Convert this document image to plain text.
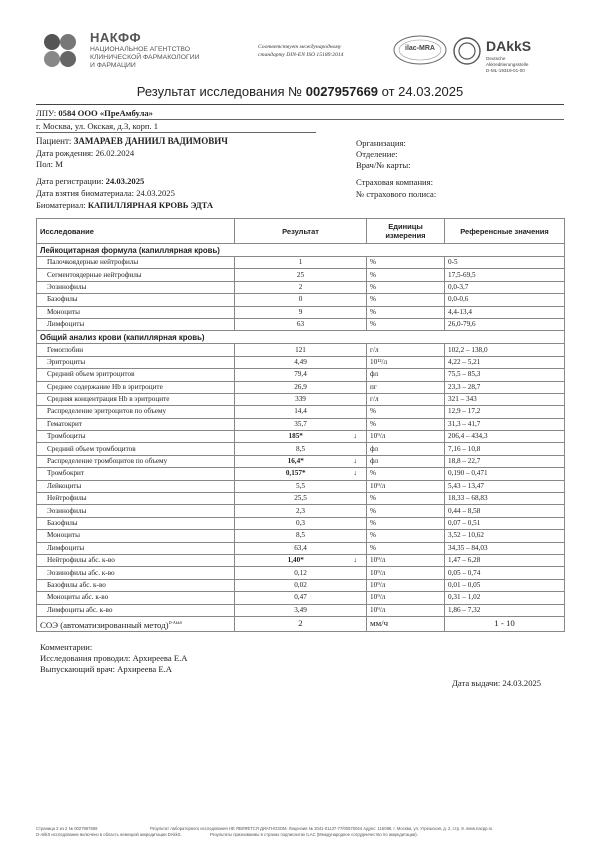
НАКФФ
НАЦИОНАЛЬНОЕ АГЕНТСТВО
КЛИНИЧЕСКОЙ ФАРМАКОЛОГИИ
И ФАРМАЦИИ
Соответствует международному
стандарту DIN-EN ISO 15189:2014
ilac-MRA	DAkkS
Deutsche
Akkreditierungsstelle
D-ML-19319-01-00
Результат исследования № 0027957669 от 24.03.2025
ЛПУ: 0584 ООО «ПреАмбула»
г. Москва, ул. Окская, д.3, корп. 1
Пациент: ЗАМАРАЕВ ДАНИИЛ ВАДИМОВИЧ
Дата рождения: 26.02.2024
Пол: М
Дата регистрации: 24.03.2025
Дата взятия биоматериала: 24.03.2025
Биоматериал: КАПИЛЛЯРНАЯ КРОВЬ ЭДТА
Организация:
Отделение:
Врач/№ карты:
Страховая компания:
№ страхового полиса:
Исследование	Результат	Единицы
измерения	Референсные значения
Лейкоцитарная формула (капиллярная кровь)			
Палочкоядерные нейтрофилы	1	%	0-5
Сегментоядерные нейтрофилы	25	%	17,5-69,5
Эозинофилы	2	%	0,0-3,7
Базофилы	0	%	0,0-0,6
Моноциты	9	%	4,4-13,4
Лимфоциты	63	%	26,0-79,6
Общий анализ крови (капиллярная кровь)			
Гемоглобин	121	г/л	102,2 – 138,0
Эритроциты	4,49	10¹²/л	4,22 – 5,21
Средний объем эритроцитов	79,4	фл	75,5 – 85,3
Среднее содержание Hb в эритроците	26,9	пг	23,3 – 28,7
Средняя концентрация Hb в эритроците	339	г/л	321 – 343
Распределение эритроцитов по объему	14,4	%	12,9 – 17,2
Гематокрит	35,7	%	31,3 – 41,7
Тромбоциты	185* ↓	10⁹/л	206,4 – 434,3
Средний объем тромбоцитов	8,5	фл	7,16 – 10,8
Распределение тромбоцитов по объему	16,4* ↓	фл	18,8 – 22,7
Тромбокрит	0,157* ↓	%	0,190 – 0,471
Лейкоциты	5,5	10⁹/л	5,43 – 13,47
Нейтрофилы	25,5	%	18,33 – 68,83
Эозинофилы	2,3	%	0,44 – 8,58
Базофилы	0,3	%	0,07 – 0,51
Моноциты	8,5	%	3,52 – 10,62
Лимфоциты	63,4	%	34,35 – 84,03
Нейтрофилы абс. к-во	1,40* ↓	10⁹/л	1,47 – 6,28
Эозинофилы абс. к-во	0,12	10⁹/л	0,05 – 0,74
Базофилы абс. к-во	0,02	10⁹/л	0,01 – 0,05
Моноциты абс. к-во	0,47	10⁹/л	0,31 – 1,02
Лимфоциты абс. к-во	3,49	10⁹/л	1,86 – 7,32
СОЭ (автоматизированный метод)$^{D-AkkS}$	2	мм/ч	1 - 10
Комментарии:
Исследования проводил: Архиреева Е.А
Выпускающий врач: Архиреева Е.А
Дата выдачи: 24.03.2025
Страница 2 из 2 № 0027957669
D-AkkS исследование включено в область немецкой аккредитации DAkkS.
Результат лабораторного исследования НЕ ЯВЛЯЕТСЯ ДИАГНОЗОМ. Лицензия № 2041-01137-77/00570044 Адрес: 115088, г. Москва, ул. Угрешская, д. 2, стр. 8. www.nacpp.ru
Результаты признаваемы в странах подписантах ILAC (Международное сотрудничество по аккредитации).
